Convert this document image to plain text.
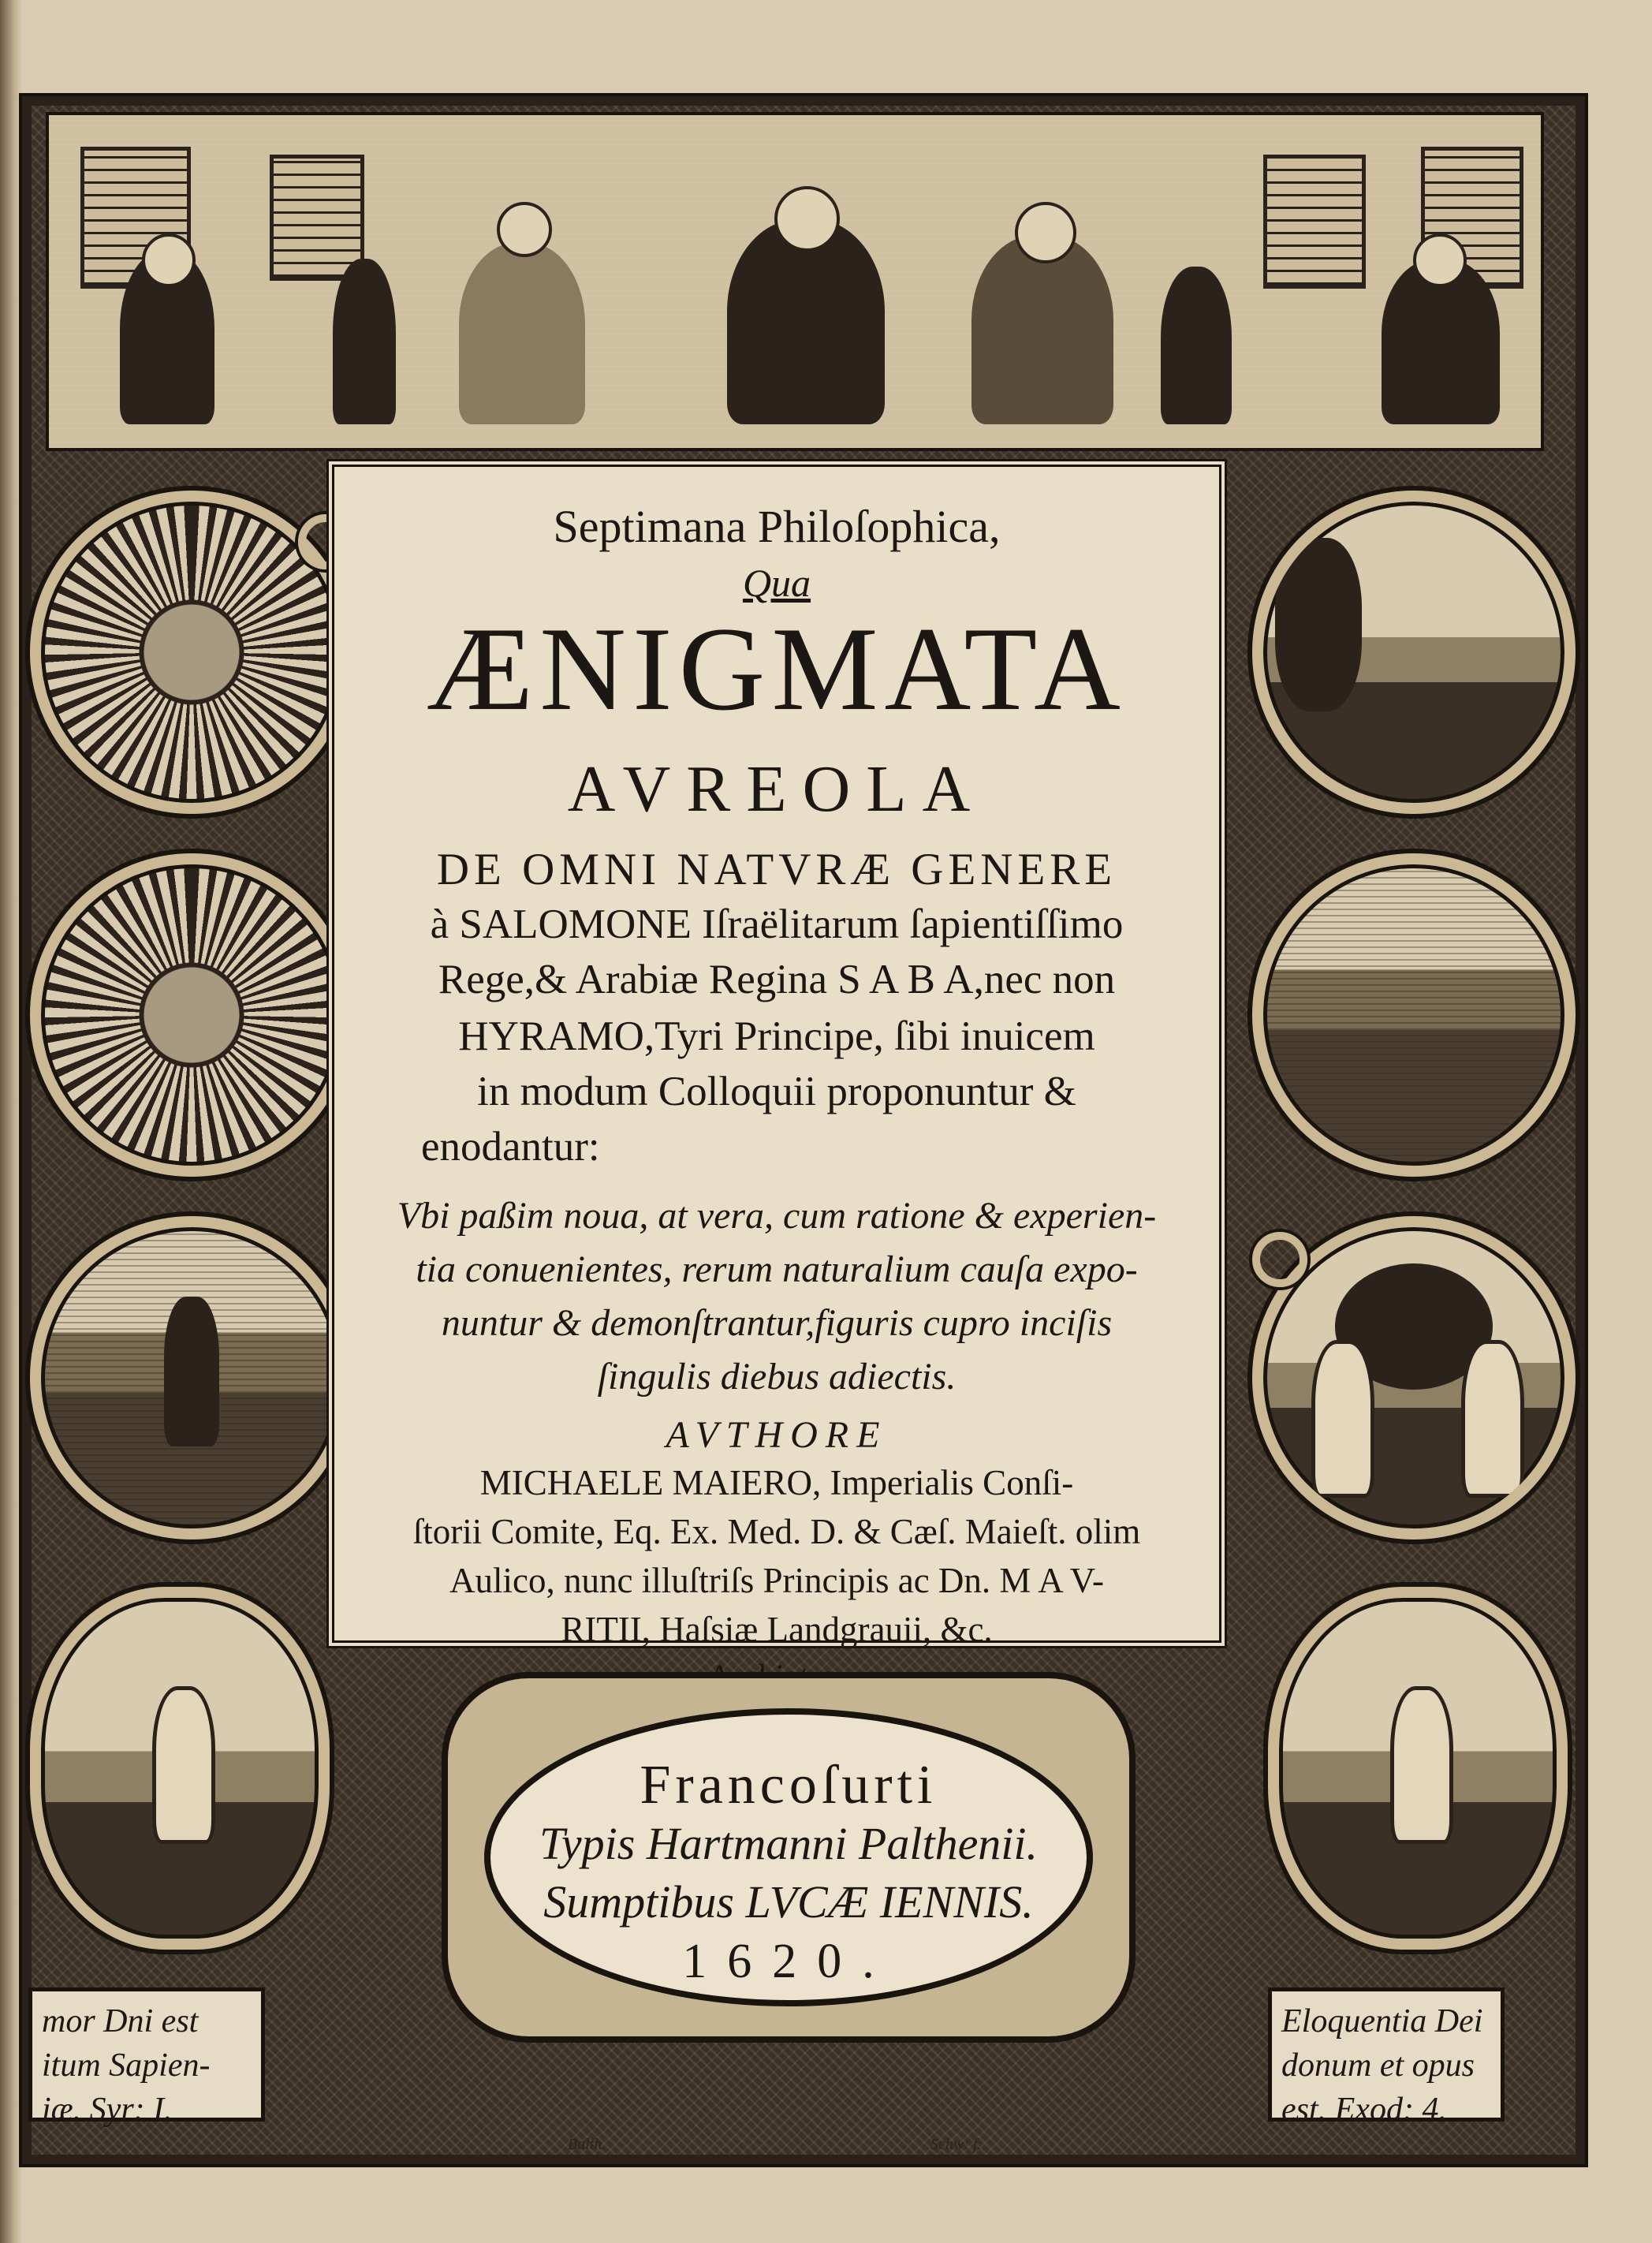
Septimana Philoſophica,
Qua
ÆNIGMATA
AVREOLA
DE OMNI NATVRÆ GENERE
à SALOMONE Iſraëlitarum ſapientiſſimo
Rege,& Arabiæ Regina S A B A,nec non
HYRAMO,Tyri Principe, ſibi inuicem
in modum Colloquii proponuntur &
enodantur:
Vbi paßim noua, at vera, cum ratione & experien-
tia conuenientes, rerum naturalium cauſa expo-
nuntur & demonſtrantur,figuris cupro inciſis
ſingulis diebus adiectis.
AVTHORE
MICHAELE MAIERO, Imperialis Conſi-
ſtorii Comite, Eq. Ex. Med. D. & Cæſ. Maieſt. olim
Aulico, nunc illuſtriſs Principis ac Dn. M A V-
RITII, Haſsiæ Landgrauii, &c.
Francoſurti
Typis Hartmanni Palthenii.
Sumptibus LVCÆ IENNIS.
1620.
mor Dni est
itum Sapien-
iæ. Syr: I.
Eloquentia Dei
donum et opus
est. Exod: 4.
Balth.	Schw: f.
